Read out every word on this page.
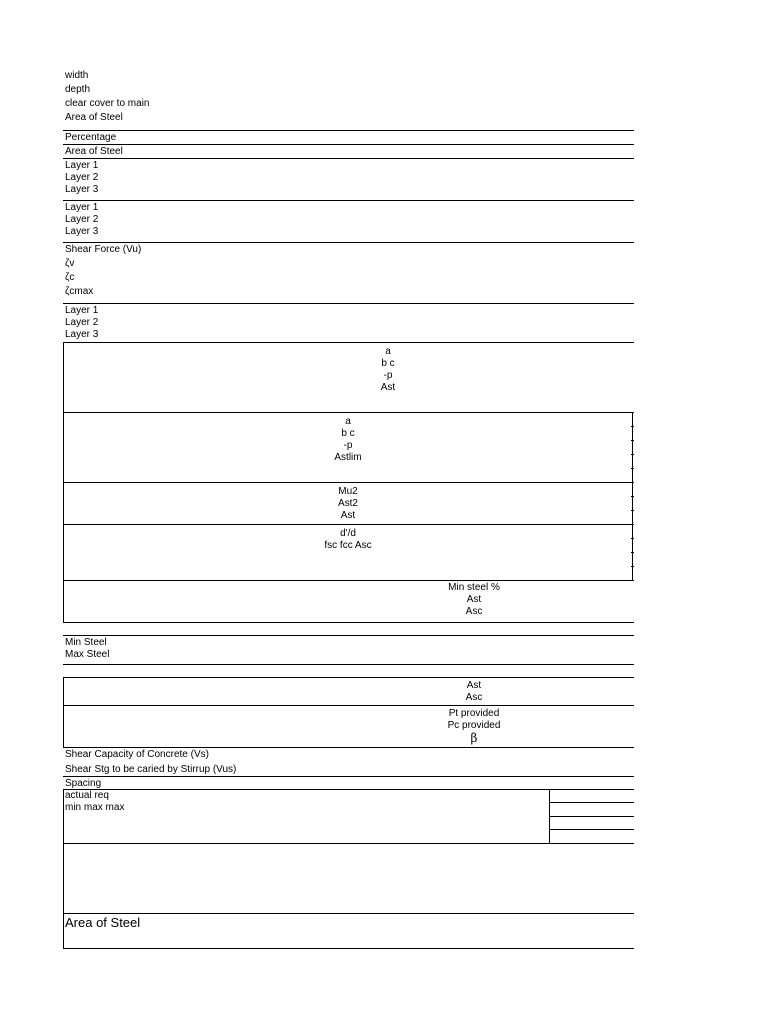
width
depth
clear cover to main
Area of Steel
Percentage
Area of Steel
Layer 1
Layer 2
Layer 3
Layer 1
Layer 2
Layer 3
Shear Force (Vu)
ζv
ζc
ζcmax
Layer 1
Layer 2
Layer 3
a
b c
-p
Ast
a
b c
-p
Astlim
Mu2
Ast2
Ast
d'/d
fsc fcc Asc
Min steel %
Ast
Asc
Min Steel
Max Steel
Ast
Asc
Pt provided
Pc provided
β
Shear Capacity of Concrete (Vs)
Shear Stg to be caried by Stirrup (Vus)
Spacing
actual req
min max max
Area of Steel
